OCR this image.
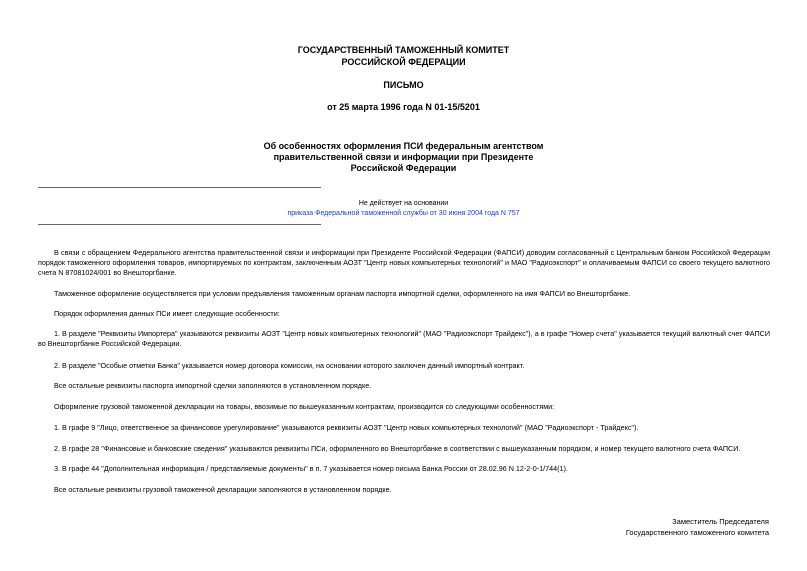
ГОСУДАРСТВЕННЫЙ ТАМОЖЕННЫЙ КОМИТЕТ
РОССИЙСКОЙ ФЕДЕРАЦИИ
ПИСЬМО
от 25 марта 1996 года N 01-15/5201
Об особенностях оформления ПСИ федеральным агентством
правительственной связи и информации при Президенте
Российской Федерации
Не действует на основании
приказа Федеральной таможенной службы от 30 июня 2004 года N 757

В связи с обращением Федерального агентства правительственной связи и информации при Президенте Российской Федерации (ФАПСИ) доводим согласованный с Центральным банком Российской Федерации порядок таможенного оформления товаров, импортируемых по контрактам, заключенным АОЗТ "Центр новых компьютерных технологий" и МАО "Радиоэкспорт" и оплачиваемым ФАПСИ со своего текущего валютного счета N 87081024/001 во Внешторгбанке.

Таможенное оформление осуществляется при условии предъявления таможенным органам паспорта импортной сделки, оформленного на имя ФАПСИ во Внешторгбанке.

Порядок оформления данных ПСи имеет следующие особенности:

1. В разделе "Реквизиты Импортера" указываются реквизиты АОЗТ "Центр новых компьютерных технологий" (МАО "Радиоэкспорт Трайдекс"), а в графе "Номер счета" указывается текущий валютный счет ФАПСИ во Внешторгбанке Российской Федерации.

2. В разделе "Особые отметки Банка" указывается номер договора комиссии, на основании которого заключен данный импортный контракт.

Все остальные реквизиты паспорта импортной сделки заполняются в установленном порядке.

Оформление грузовой таможенной декларации на товары, ввозимые по вышеуказанным контрактам, производится со следующими особенностями:

1. В графе 9 "Лицо, ответственное за финансовое урегулирование" указываются реквизиты АОЗТ "Центр новых компьютерных технологий" (МАО "Радиоэкспорт - Трайдекс").

2. В графе 28 "Финансовые и банковские сведения" указываются реквизиты ПСи, оформленного во Внешторгбанке в соответствии с вышеуказанным порядком, и номер текущего валютного счета ФАПСИ.

3. В графе 44 "Дополнительная информация / представляемые документы" в п. 7 указывается номер письма Банка России от 28.02.96 N 12-2-0-1/744(1).

Все остальные реквизиты грузовой таможенной декларации заполняются в установленном порядке.

Заместитель Председателя
Государственного таможенного комитета
